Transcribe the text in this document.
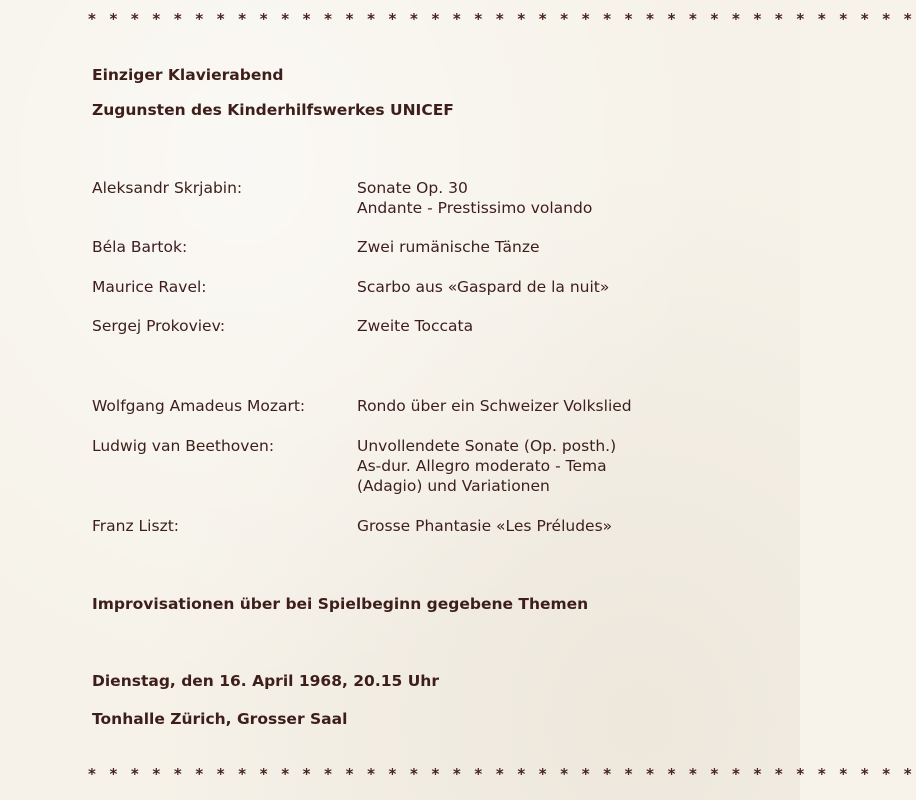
* * * * * * * * * * * * * * * * * * * * * * * * * * * * * * * * * * * * * * *
Einziger Klavierabend
Zugunsten des Kinderhilfswerkes UNICEF
Aleksandr Skrjabin:	Sonate Op. 30
Andante - Prestissimo volando
Béla Bartok:	Zwei rumänische Tänze
Maurice Ravel:	Scarbo aus «Gaspard de la nuit»
Sergej Prokoviev:	Zweite Toccata
Wolfgang Amadeus Mozart:	Rondo über ein Schweizer Volkslied
Ludwig van Beethoven:	Unvollendete Sonate (Op. posth.)
As-dur. Allegro moderato - Tema
(Adagio) und Variationen
Franz Liszt:	Grosse Phantasie «Les Préludes»
Improvisationen über bei Spielbeginn gegebene Themen
Dienstag, den 16. April 1968, 20.15 Uhr
Tonhalle Zürich, Grosser Saal
* * * * * * * * * * * * * * * * * * * * * * * * * * * * * * * * * * * * * * *
